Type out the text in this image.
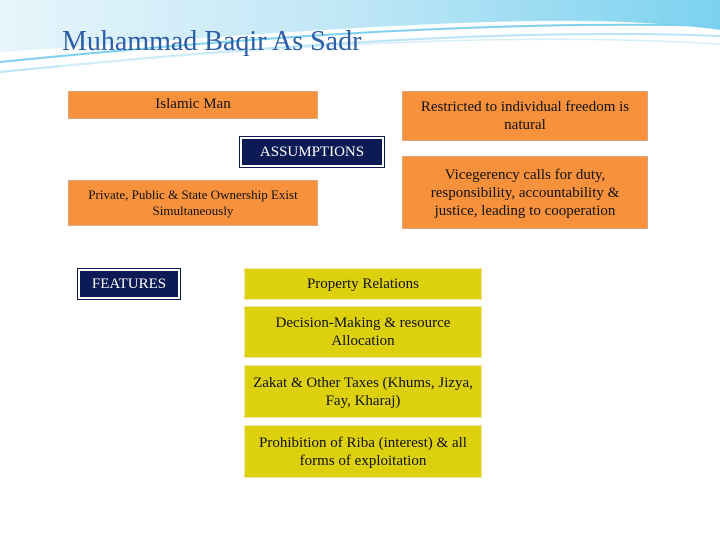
Muhammad Baqir As Sadr
Islamic Man	Restricted to individual freedom is natural
ASSUMPTIONS
Private, Public & State Ownership Exist Simultaneously
Vicegerency calls for duty, responsibility, accountability & justice, leading to cooperation
FEATURES	Property Relations
Decision-Making & resource Allocation
Zakat & Other Taxes (Khums, Jizya, Fay, Kharaj)
Prohibition of Riba (interest) & all forms of exploitation
